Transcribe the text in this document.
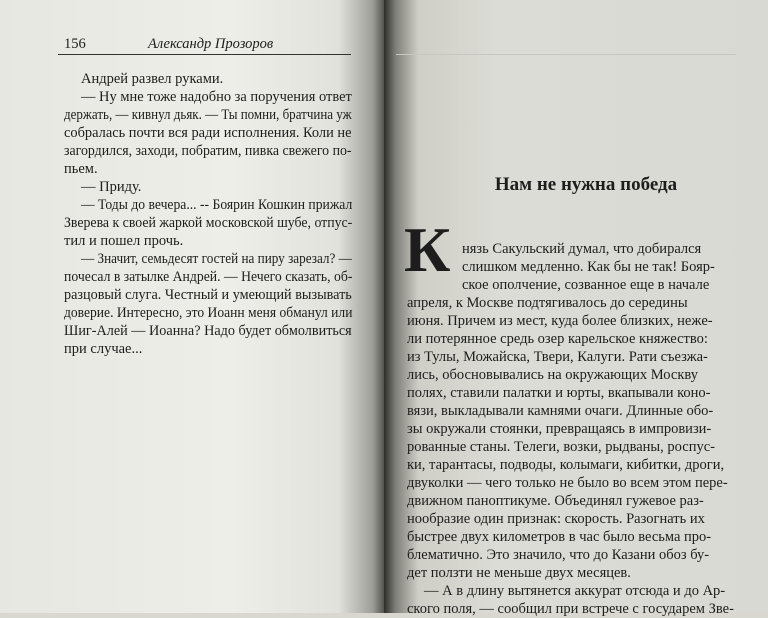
156	Александр Прозоров
Андрей развел руками.
— Ну мне тоже надобно за поручения ответ
держать, — кивнул дьяк. — Ты помни, братчина уж
собралась почти вся ради исполнения. Коли не
загордился, заходи, побратим, пивка свежего по-
пьем.
— Приду.
— Тоды до вечера... -- Боярин Кошкин прижал
Зверева к своей жаркой московской шубе, отпус-
тил и пошел прочь.
— Значит, семьдесят гостей на пиру зарезал? —
почесал в затылке Андрей. — Нечего сказать, об-
разцовый слуга. Честный и умеющий вызывать
доверие. Интересно, это Иоанн меня обманул или
Шиг-Алей — Иоанна? Надо будет обмолвиться
при случае...
Нам не нужна победа
К нязь Сакульский думал, что добирался
слишком медленно. Как бы не так! Бояр-
ское ополчение, созванное еще в начале
апреля, к Москве подтягивалось до середины
июня. Причем из мест, куда более близких, нежe-
ли потерянное средь озер карельское княжество:
из Тулы, Можайска, Твери, Калуги. Рати съезжа-
лись, обосновывались на окружающих Москву
полях, ставили палатки и юрты, вкапывали коно-
вязи, выкладывали камнями очаги. Длинные обо-
зы окружали стоянки, превращаясь в импровизи-
рованные станы. Телеги, возки, рыдваны, роспус-
ки, тарантасы, подводы, колымаги, кибитки, дроги,
двуколки — чего только не было во всем этом пере-
движном паноптикуме. Объединял гужевое раз-
нообразие один признак: скорость. Разогнать их
быстрее двух километров в час было весьма про-
блематично. Это значило, что до Казани обоз бу-
дет ползти не меньше двух месяцев.
— А в длину вытянется аккурат отсюда и до Ар-
ского поля, — сообщил при встрече с государем Звe-
